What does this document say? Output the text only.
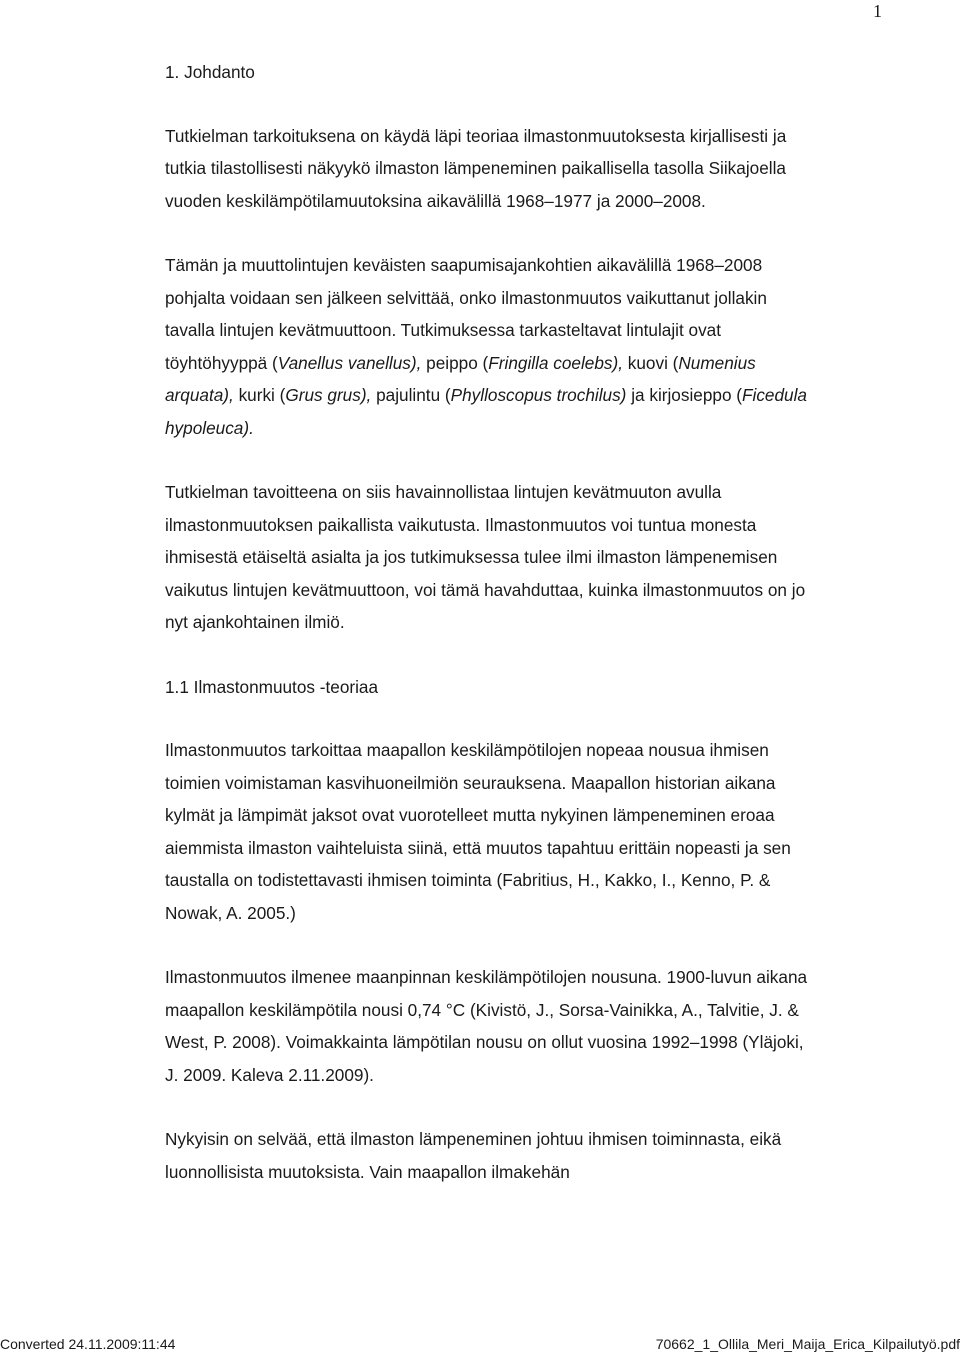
1

1. Johdanto

Tutkielman tarkoituksena on käydä läpi teoriaa ilmastonmuutoksesta kirjallisesti ja tutkia tilastollisesti näkyykö ilmaston lämpeneminen paikallisella tasolla Siikajoella vuoden keskilämpötilamuutoksina aikavälillä 1968–1977 ja 2000–2008.

Tämän ja muuttolintujen keväisten saapumisajankohtien aikavälillä 1968–2008 pohjalta voidaan sen jälkeen selvittää, onko ilmastonmuutos vaikuttanut jollakin tavalla lintujen kevätmuuttoon. Tutkimuksessa tarkasteltavat lintulajit ovat töyhtöhyyppä (Vanellus vanellus), peippo (Fringilla coelebs), kuovi (Numenius arquata), kurki (Grus grus), pajulintu (Phylloscopus trochilus) ja kirjosieppo (Ficedula hypoleuca).

Tutkielman tavoitteena on siis havainnollistaa lintujen kevätmuuton avulla ilmastonmuutoksen paikallista vaikutusta. Ilmastonmuutos voi tuntua monesta ihmisestä etäiseltä asialta ja jos tutkimuksessa tulee ilmi ilmaston lämpenemisen vaikutus lintujen kevätmuuttoon, voi tämä havahduttaa, kuinka ilmastonmuutos on jo nyt ajankohtainen ilmiö.

1.1 Ilmastonmuutos -teoriaa

Ilmastonmuutos tarkoittaa maapallon keskilämpötilojen nopeaa nousua ihmisen toimien voimistaman kasvihuoneilmiön seurauksena. Maapallon historian aikana kylmät ja lämpimät jaksot ovat vuorotelleet mutta nykyinen lämpeneminen eroaa aiemmista ilmaston vaihteluista siinä, että muutos tapahtuu erittäin nopeasti ja sen taustalla on todistettavasti ihmisen toiminta (Fabritius, H., Kakko, I., Kenno, P. & Nowak, A. 2005.)

Ilmastonmuutos ilmenee maanpinnan keskilämpötilojen nousuna. 1900-luvun aikana maapallon keskilämpötila nousi 0,74 °C (Kivistö, J., Sorsa-Vainikka, A., Talvitie, J. & West, P. 2008). Voimakkainta lämpötilan nousu on ollut vuosina 1992–1998 (Yläjoki, J. 2009. Kaleva 2.11.2009).

Nykyisin on selvää, että ilmaston lämpeneminen johtuu ihmisen toiminnasta, eikä luonnollisista muutoksista. Vain maapallon ilmakehän

Converted 24.11.2009:11:44	70662_1_Ollila_Meri_Maija_Erica_Kilpailutyö.pdf
